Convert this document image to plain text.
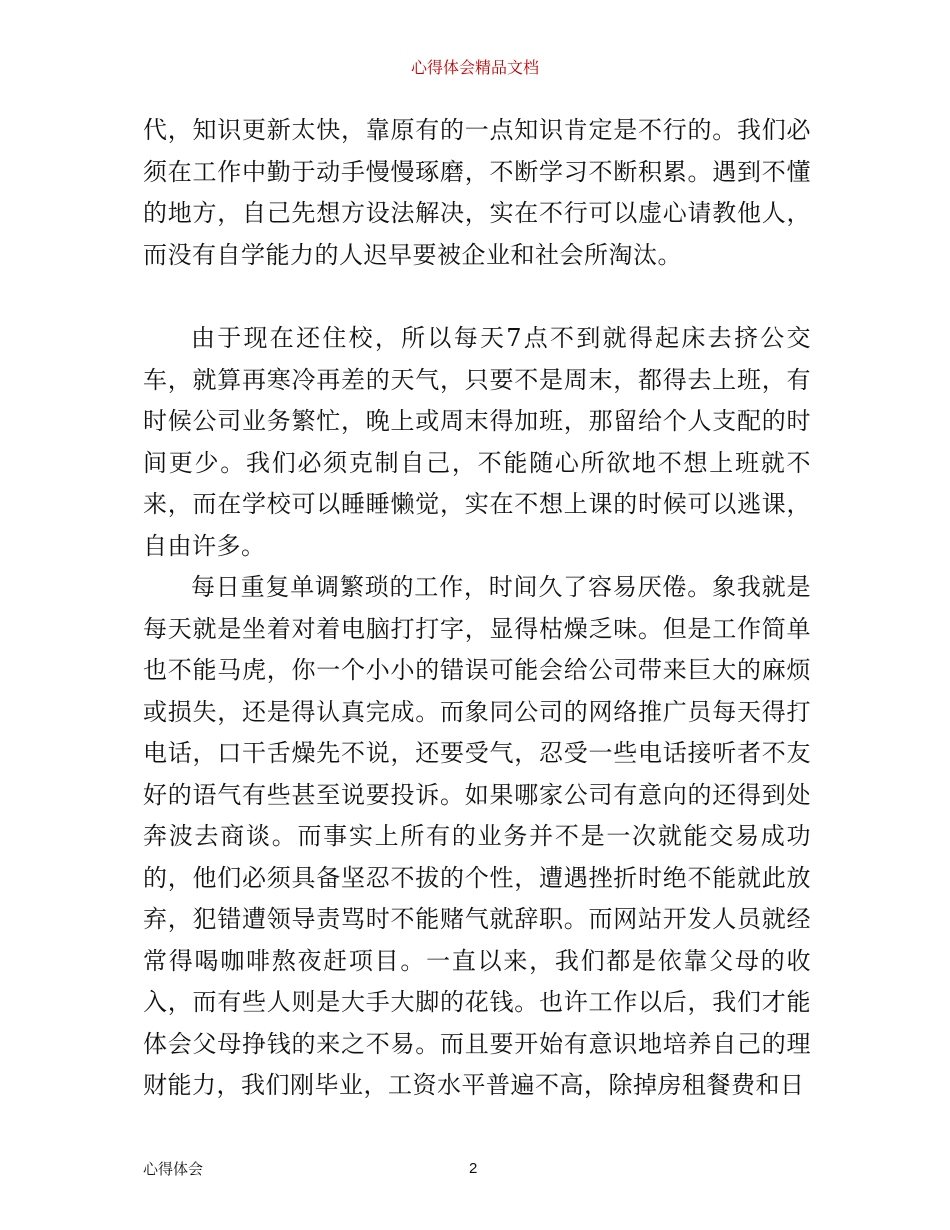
心得体会精品文档

代，知识更新太快，靠原有的一点知识肯定是不行的。我们必须在工作中勤于动手慢慢琢磨，不断学习不断积累。遇到不懂的地方，自己先想方设法解决，实在不行可以虚心请教他人，而没有自学能力的人迟早要被企业和社会所淘汰。

由于现在还住校，所以每天7点不到就得起床去挤公交车，就算再寒冷再差的天气，只要不是周末，都得去上班，有时候公司业务繁忙，晚上或周末得加班，那留给个人支配的时间更少。我们必须克制自己，不能随心所欲地不想上班就不来，而在学校可以睡睡懒觉，实在不想上课的时候可以逃课，自由许多。

每日重复单调繁琐的工作，时间久了容易厌倦。象我就是每天就是坐着对着电脑打打字，显得枯燥乏味。但是工作简单也不能马虎，你一个小小的错误可能会给公司带来巨大的麻烦或损失，还是得认真完成。而象同公司的网络推广员每天得打电话，口干舌燥先不说，还要受气，忍受一些电话接听者不友好的语气有些甚至说要投诉。如果哪家公司有意向的还得到处奔波去商谈。而事实上所有的业务并不是一次就能交易成功的，他们必须具备坚忍不拔的个性，遭遇挫折时绝不能就此放弃，犯错遭领导责骂时不能赌气就辞职。而网站开发人员就经常得喝咖啡熬夜赶项目。一直以来，我们都是依靠父母的收入，而有些人则是大手大脚的花钱。也许工作以后，我们才能体会父母挣钱的来之不易。而且要开始有意识地培养自己的理财能力，我们刚毕业，工资水平普遍不高，除掉房租餐费和日

心得体会	2
